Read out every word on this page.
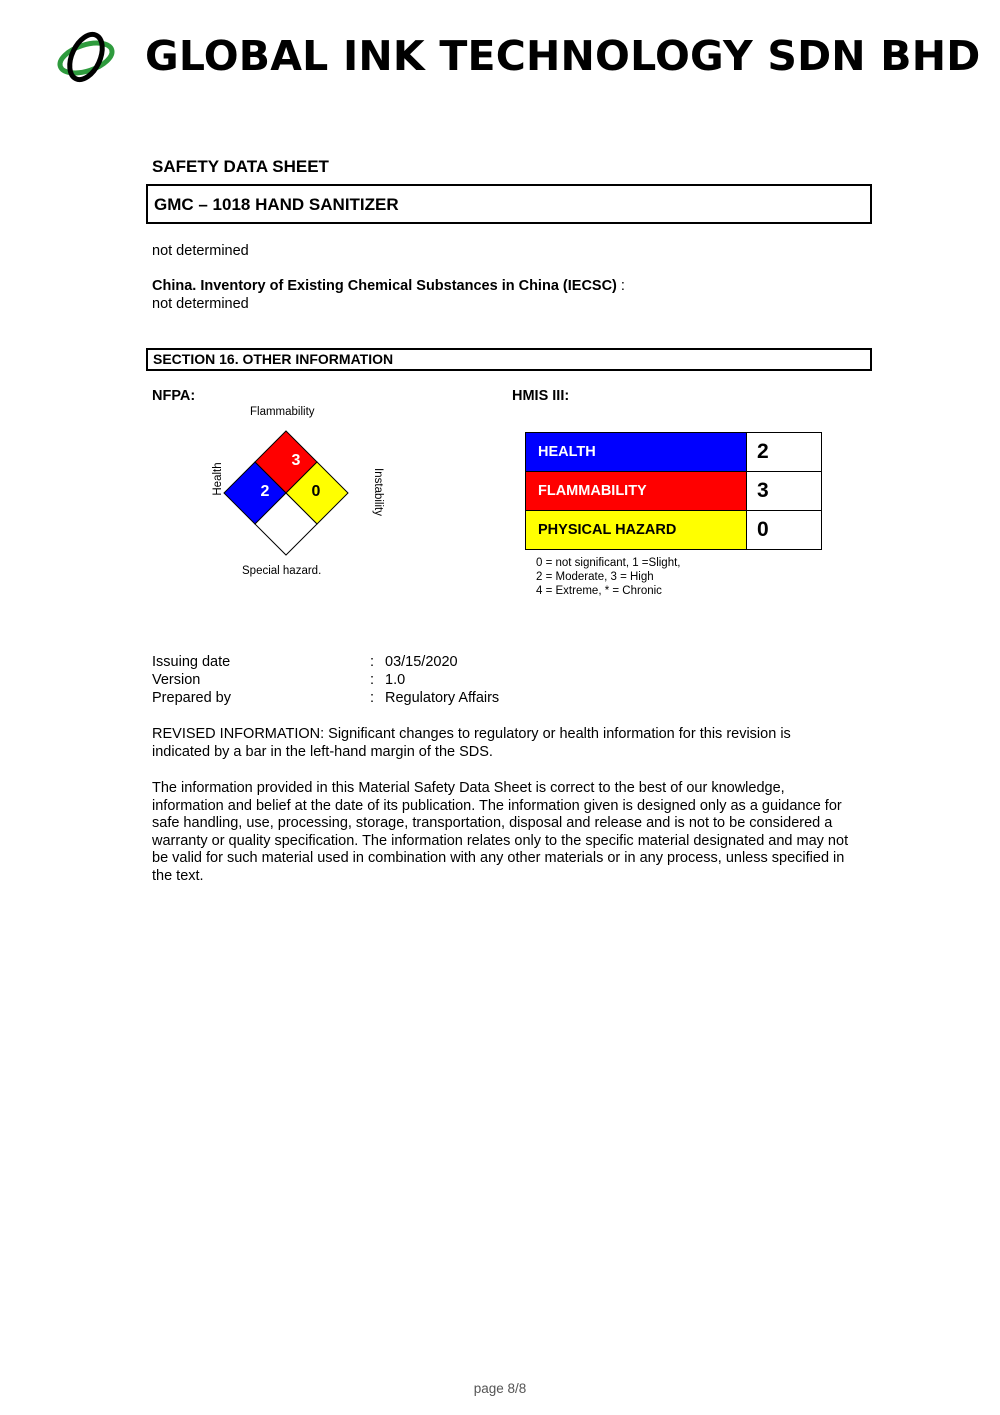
GLOBAL INK TECHNOLOGY SDN BHD
SAFETY DATA SHEET
GMC – 1018 HAND SANITIZER
not determined
China. Inventory of Existing Chemical Substances in China (IECSC) :
not determined
SECTION 16. OTHER INFORMATION
NFPA:
Flammability
Special hazard.
Health	Instability
3
2	0
HMIS III:
HEALTH	2
FLAMMABILITY	3
PHYSICAL HAZARD	0
0 = not significant, 1 =Slight,
2 = Moderate, 3 = High
4 = Extreme, * = Chronic
Issuing date	: 03/15/2020
Version	: 1.0
Prepared by	: Regulatory Affairs
REVISED INFORMATION: Significant changes to regulatory or health information for this revision is indicated by a bar in the left-hand margin of the SDS.
The information provided in this Material Safety Data Sheet is correct to the best of our knowledge, information and belief at the date of its publication. The information given is designed only as a guidance for safe handling, use, processing, storage, transportation, disposal and release and is not to be considered a warranty or quality specification. The information relates only to the specific material designated and may not be valid for such material used in combination with any other materials or in any process, unless specified in the text.
page 8/8
